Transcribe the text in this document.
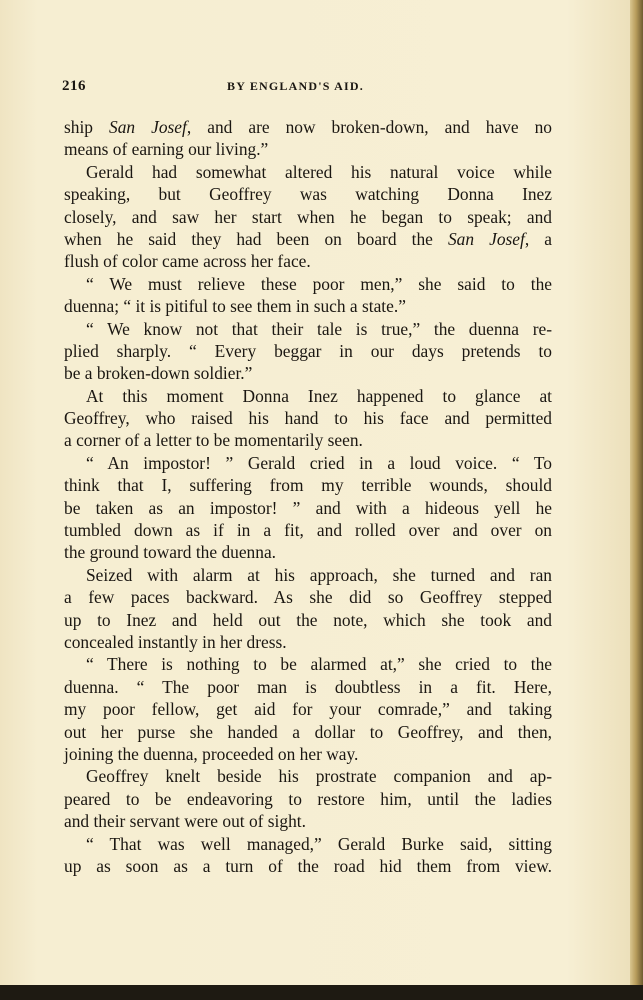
216	BY ENGLAND'S AID.
ship San Josef, and are now broken-down, and have no
means of earning our living.”
Gerald had somewhat altered his natural voice while
speaking, but Geoffrey was watching Donna Inez
closely, and saw her start when he began to speak; and
when he said they had been on board the San Josef, a
flush of color came across her face.
“ We must relieve these poor men,” she said to the
duenna; “ it is pitiful to see them in such a state.”
“ We know not that their tale is true,” the duenna re-
plied sharply. “ Every beggar in our days pretends to
be a broken-down soldier.”
At this moment Donna Inez happened to glance at
Geoffrey, who raised his hand to his face and permitted
a corner of a letter to be momentarily seen.
“ An impostor! ” Gerald cried in a loud voice. “ To
think that I, suffering from my terrible wounds, should
be taken as an impostor! ” and with a hideous yell he
tumbled down as if in a fit, and rolled over and over on
the ground toward the duenna.
Seized with alarm at his approach, she turned and ran
a few paces backward. As she did so Geoffrey stepped
up to Inez and held out the note, which she took and
concealed instantly in her dress.
“ There is nothing to be alarmed at,” she cried to the
duenna. “ The poor man is doubtless in a fit. Here,
my poor fellow, get aid for your comrade,” and taking
out her purse she handed a dollar to Geoffrey, and then,
joining the duenna, proceeded on her way.
Geoffrey knelt beside his prostrate companion and ap-
peared to be endeavoring to restore him, until the ladies
and their servant were out of sight.
“ That was well managed,” Gerald Burke said, sitting
up as soon as a turn of the road hid them from view.
